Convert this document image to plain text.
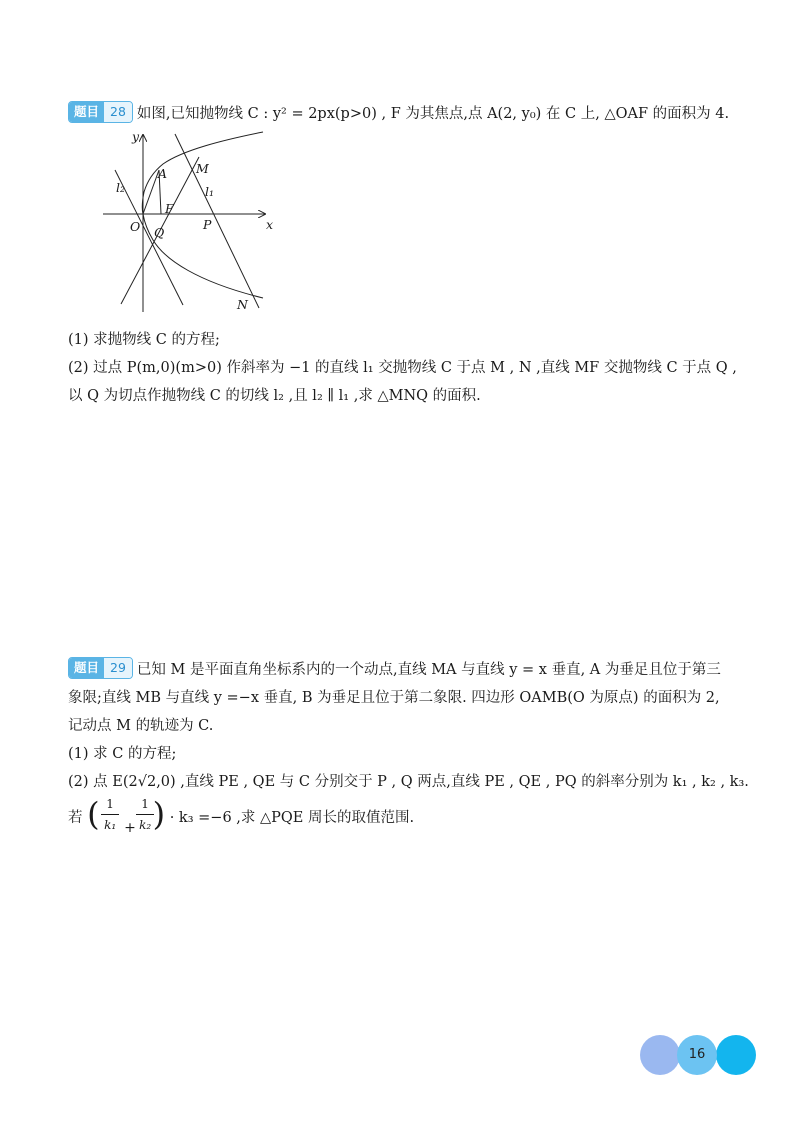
题目 28 如图,已知抛物线 C : y² = 2px(p>0) , F 为其焦点,点 A(2, y₀) 在 C 上, △OAF 的面积为 4.
y
x
O Q
F
A M
N
P
l₂	l₁
(1) 求抛物线 C 的方程;
(2) 过点 P(m,0)(m>0) 作斜率为 −1 的直线 l₁ 交抛物线 C 于点 M , N ,直线 MF 交抛物线 C 于点 Q ,
以 Q 为切点作抛物线 C 的切线 l₂ ,且 l₂ ∥ l₁ ,求 △MNQ 的面积.
题目 29 已知 M 是平面直角坐标系内的一个动点,直线 MA 与直线 y = x 垂直, A 为垂足且位于第三
象限;直线 MB 与直线 y =−x 垂直, B 为垂足且位于第二象限. 四边形 OAMB(O 为原点) 的面积为 2,
记动点 M 的轨迹为 C.
(1) 求 C 的方程;
(2) 点 E(2√2,0) ,直线 PE , QE 与 C 分别交于 P , Q 两点,直线 PE , QE , PQ 的斜率分别为 k₁ , k₂ , k₃.
若 ( 1
k₁ +
1
k₂ ) · k₃ =−6 ,求 △PQE 周长的取值范围.
16
